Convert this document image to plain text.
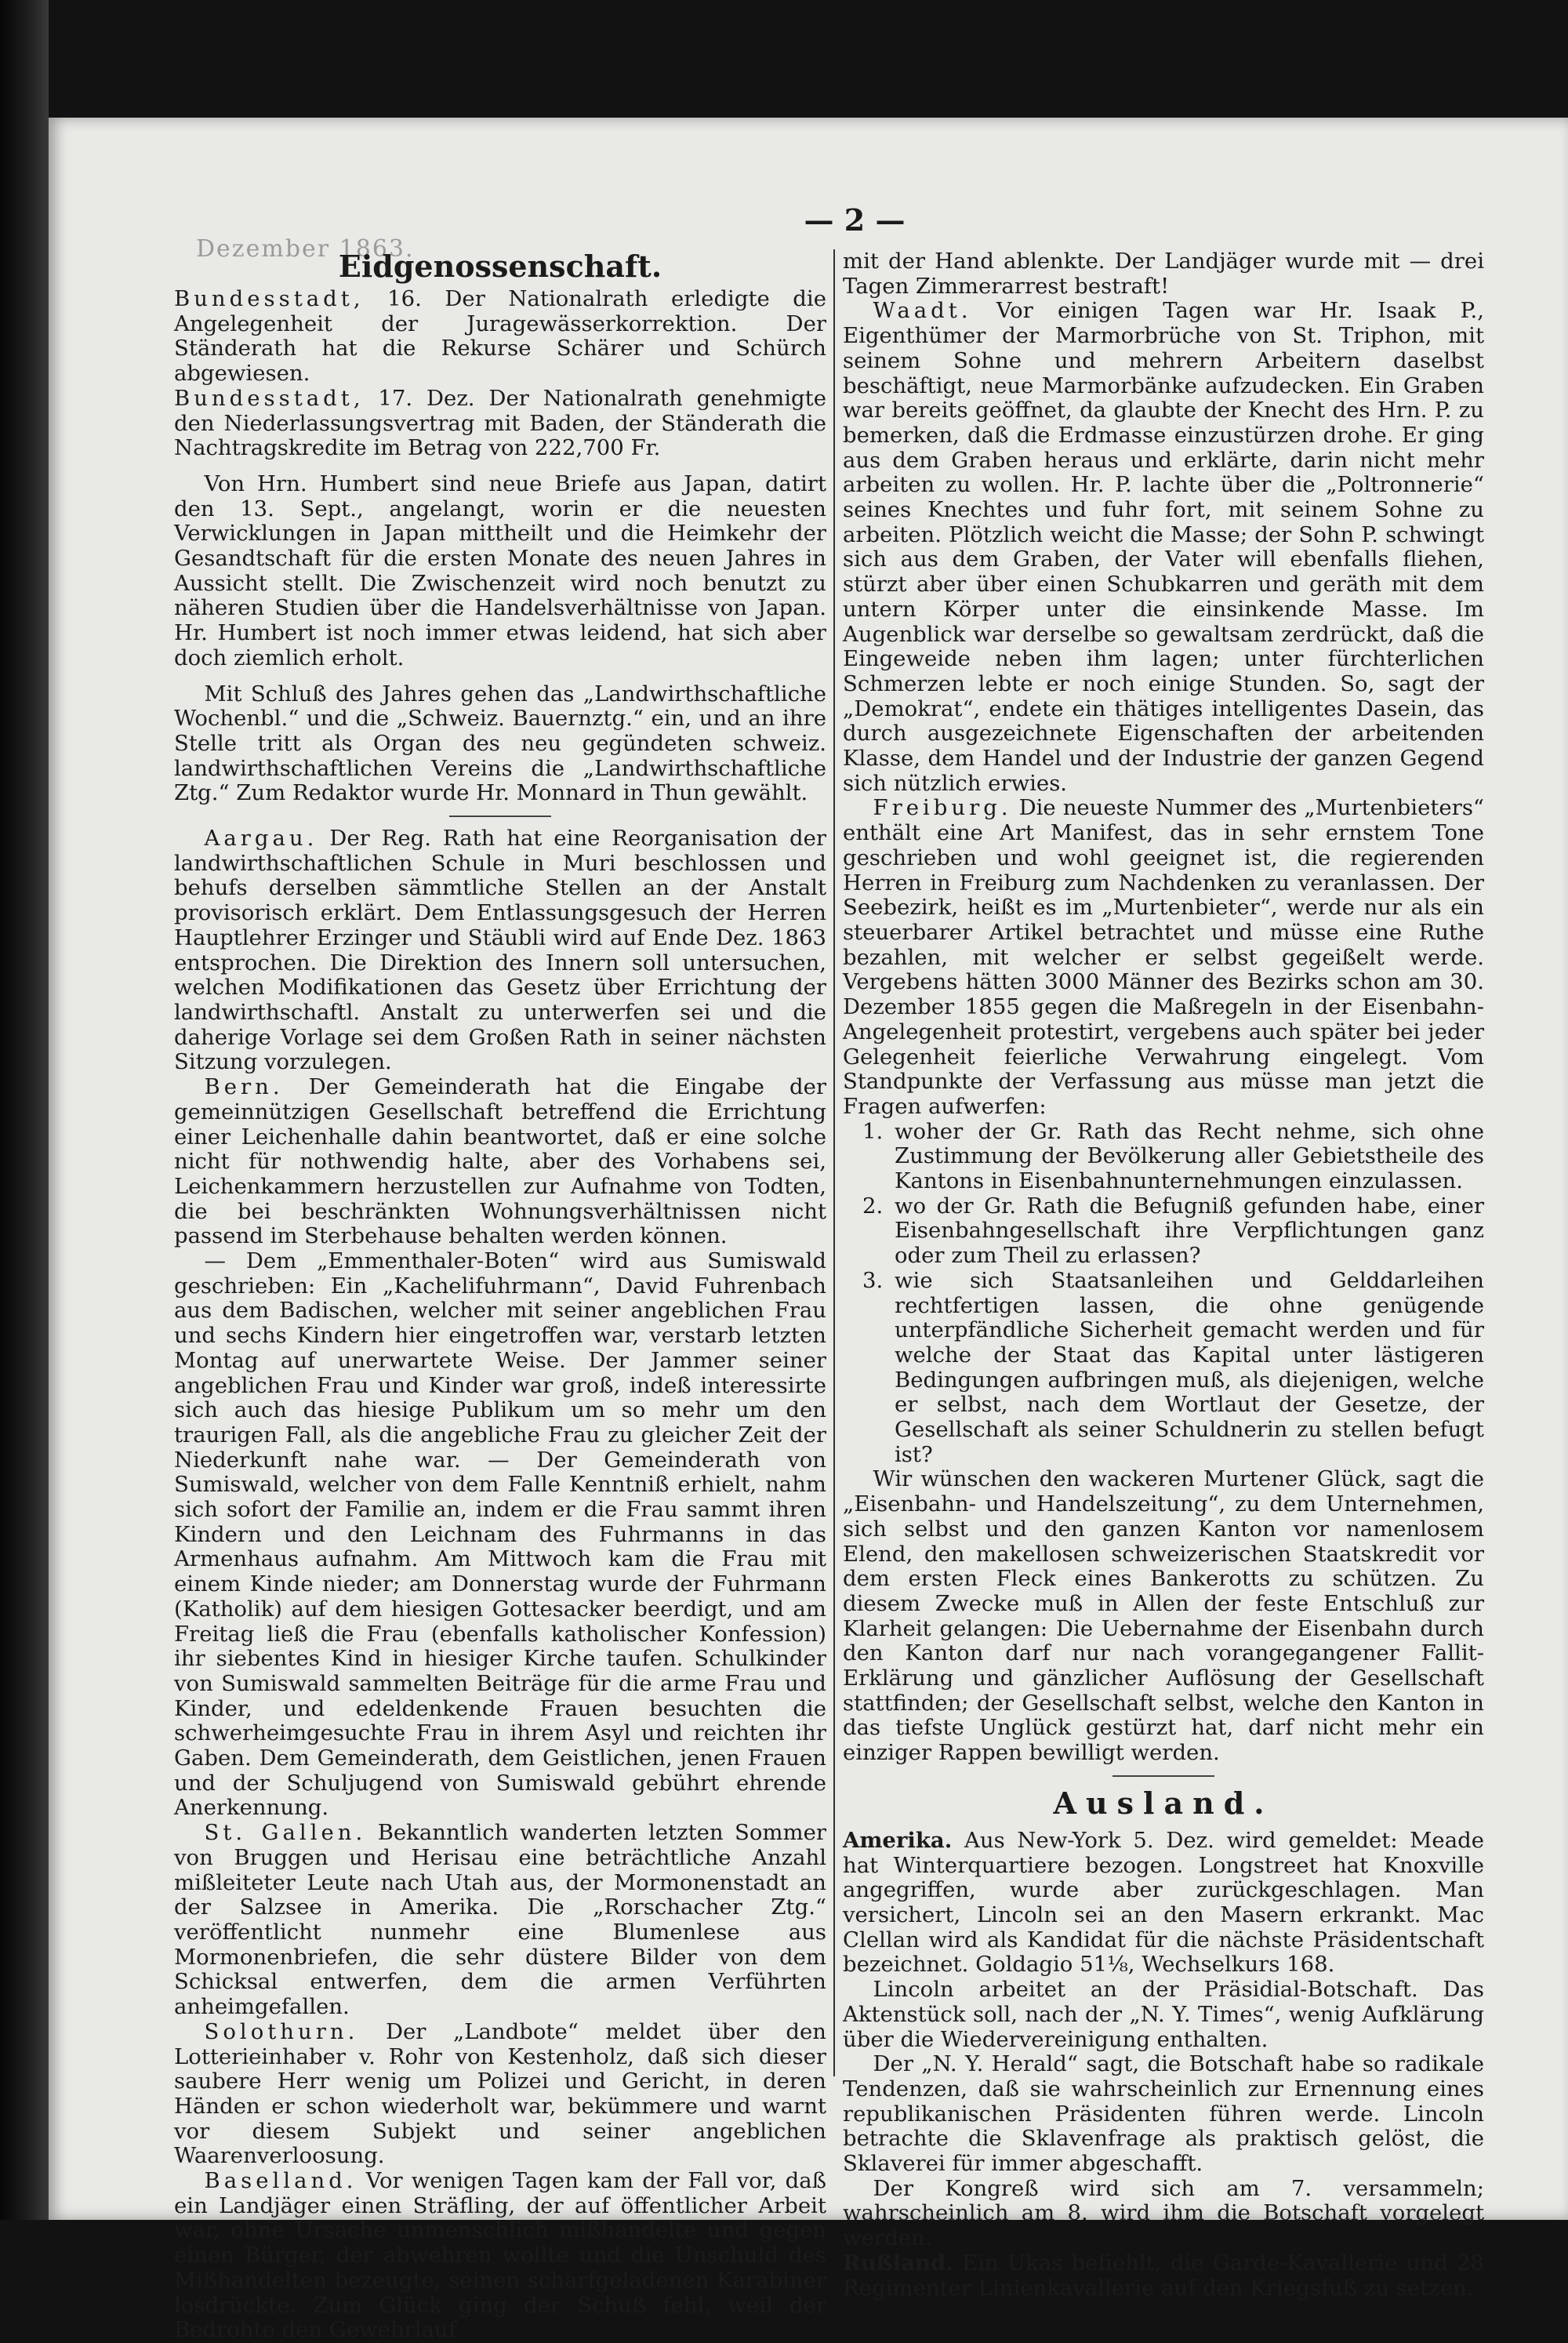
— 2 —
Dezember 1863.
Eidgenossenschaft.

Bundesstadt, 16. Der Nationalrath erledigte die Angelegenheit der Juragewässerkorrektion. Der Ständerath hat die Rekurse Schärer und Schürch abgewiesen.

Bundesstadt, 17. Dez. Der Nationalrath genehmigte den Niederlassungsvertrag mit Baden, der Ständerath die Nachtragskredite im Betrag von 222,700 Fr.

Von Hrn. Humbert sind neue Briefe aus Japan, datirt den 13. Sept., angelangt, worin er die neuesten Verwicklungen in Japan mittheilt und die Heimkehr der Gesandtschaft für die ersten Monate des neuen Jahres in Aussicht stellt. Die Zwischenzeit wird noch benutzt zu näheren Studien über die Handelsverhältnisse von Japan. Hr. Humbert ist noch immer etwas leidend, hat sich aber doch ziemlich erholt.

Mit Schluß des Jahres gehen das „Landwirthschaftliche Wochenbl.“ und die „Schweiz. Bauernztg.“ ein, und an ihre Stelle tritt als Organ des neu gegündeten schweiz. landwirthschaftlichen Vereins die „Landwirthschaftliche Ztg.“ Zum Redaktor wurde Hr. Monnard in Thun gewählt.

Aargau. Der Reg. Rath hat eine Reorganisation der landwirthschaftlichen Schule in Muri beschlossen und behufs derselben sämmtliche Stellen an der Anstalt provisorisch erklärt. Dem Entlassungsgesuch der Herren Hauptlehrer Erzinger und Stäubli wird auf Ende Dez. 1863 entsprochen. Die Direktion des Innern soll untersuchen, welchen Modifikationen das Gesetz über Errichtung der landwirthschaftl. Anstalt zu unterwerfen sei und die daherige Vorlage sei dem Großen Rath in seiner nächsten Sitzung vorzulegen.

Bern. Der Gemeinderath hat die Eingabe der gemeinnützigen Gesellschaft betreffend die Errichtung einer Leichenhalle dahin beantwortet, daß er eine solche nicht für nothwendig halte, aber des Vorhabens sei, Leichenkammern herzustellen zur Aufnahme von Todten, die bei beschränkten Wohnungsverhältnissen nicht passend im Sterbehause behalten werden können.

— Dem „Emmenthaler-Boten“ wird aus Sumiswald geschrieben: Ein „Kachelifuhrmann“, David Fuhrenbach aus dem Badischen, welcher mit seiner angeblichen Frau und sechs Kindern hier eingetroffen war, verstarb letzten Montag auf unerwartete Weise. Der Jammer seiner angeblichen Frau und Kinder war groß, indeß interessirte sich auch das hiesige Publikum um so mehr um den traurigen Fall, als die angebliche Frau zu gleicher Zeit der Niederkunft nahe war. — Der Gemeinderath von Sumiswald, welcher von dem Falle Kenntniß erhielt, nahm sich sofort der Familie an, indem er die Frau sammt ihren Kindern und den Leichnam des Fuhrmanns in das Armenhaus aufnahm. Am Mittwoch kam die Frau mit einem Kinde nieder; am Donnerstag wurde der Fuhrmann (Katholik) auf dem hiesigen Gottesacker beerdigt, und am Freitag ließ die Frau (ebenfalls katholischer Konfession) ihr siebentes Kind in hiesiger Kirche taufen. Schulkinder von Sumiswald sammelten Beiträge für die arme Frau und Kinder, und edeldenkende Frauen besuchten die schwerheimgesuchte Frau in ihrem Asyl und reichten ihr Gaben. Dem Gemeinderath, dem Geistlichen, jenen Frauen und der Schuljugend von Sumiswald gebührt ehrende Anerkennung.

St. Gallen. Bekanntlich wanderten letzten Sommer von Bruggen und Herisau eine beträchtliche Anzahl mißleiteter Leute nach Utah aus, der Mormonenstadt an der Salzsee in Amerika. Die „Rorschacher Ztg.“ veröffentlicht nunmehr eine Blumenlese aus Mormonenbriefen, die sehr düstere Bilder von dem Schicksal entwerfen, dem die armen Verführten anheimgefallen.

Solothurn. Der „Landbote“ meldet über den Lotterieinhaber v. Rohr von Kestenholz, daß sich dieser saubere Herr wenig um Polizei und Gericht, in deren Händen er schon wiederholt war, bekümmere und warnt vor diesem Subjekt und seiner angeblichen Waarenverloosung.

Baselland. Vor wenigen Tagen kam der Fall vor, daß ein Landjäger einen Sträfling, der auf öffentlicher Arbeit war, ohne Ursache unmenschlich mißhandelte und gegen einen Bürger, der abwehren wollte und die Unschuld des Mißhandelten bezeugte, seinen scharfgeladenen Karabiner losdrückte. Zum Glück ging der Schuß fehl, weil der Bedrohte den Gewehrlauf

mit der Hand ablenkte. Der Landjäger wurde mit — drei Tagen Zimmerarrest bestraft!

Waadt. Vor einigen Tagen war Hr. Isaak P., Eigenthümer der Marmorbrüche von St. Triphon, mit seinem Sohne und mehrern Arbeitern daselbst beschäftigt, neue Marmorbänke aufzudecken. Ein Graben war bereits geöffnet, da glaubte der Knecht des Hrn. P. zu bemerken, daß die Erdmasse einzustürzen drohe. Er ging aus dem Graben heraus und erklärte, darin nicht mehr arbeiten zu wollen. Hr. P. lachte über die „Poltronnerie“ seines Knechtes und fuhr fort, mit seinem Sohne zu arbeiten. Plötzlich weicht die Masse; der Sohn P. schwingt sich aus dem Graben, der Vater will ebenfalls fliehen, stürzt aber über einen Schubkarren und geräth mit dem untern Körper unter die einsinkende Masse. Im Augenblick war derselbe so gewaltsam zerdrückt, daß die Eingeweide neben ihm lagen; unter fürchterlichen Schmerzen lebte er noch einige Stunden. So, sagt der „Demokrat“, endete ein thätiges intelligentes Dasein, das durch ausgezeichnete Eigenschaften der arbeitenden Klasse, dem Handel und der Industrie der ganzen Gegend sich nützlich erwies.

Freiburg. Die neueste Nummer des „Murtenbieters“ enthält eine Art Manifest, das in sehr ernstem Tone geschrieben und wohl geeignet ist, die regierenden Herren in Freiburg zum Nachdenken zu veranlassen. Der Seebezirk, heißt es im „Murtenbieter“, werde nur als ein steuerbarer Artikel betrachtet und müsse eine Ruthe bezahlen, mit welcher er selbst gegeißelt werde. Vergebens hätten 3000 Männer des Bezirks schon am 30. Dezember 1855 gegen die Maßregeln in der Eisenbahn-Angelegenheit protestirt, vergebens auch später bei jeder Gelegenheit feierliche Verwahrung eingelegt. Vom Standpunkte der Verfassung aus müsse man jetzt die Fragen aufwerfen:

1. woher der Gr. Rath das Recht nehme, sich ohne Zustimmung der Bevölkerung aller Gebietstheile des Kantons in Eisenbahnunternehmungen einzulassen.
2. wo der Gr. Rath die Befugniß gefunden habe, einer Eisenbahngesellschaft ihre Verpflichtungen ganz oder zum Theil zu erlassen?
3. wie sich Staatsanleihen und Gelddarleihen rechtfertigen lassen, die ohne genügende unterpfändliche Sicherheit gemacht werden und für welche der Staat das Kapital unter lästigeren Bedingungen aufbringen muß, als diejenigen, welche er selbst, nach dem Wortlaut der Gesetze, der Gesellschaft als seiner Schuldnerin zu stellen befugt ist?

Wir wünschen den wackeren Murtener Glück, sagt die „Eisenbahn- und Handelszeitung“, zu dem Unternehmen, sich selbst und den ganzen Kanton vor namenlosem Elend, den makellosen schweizerischen Staatskredit vor dem ersten Fleck eines Bankerotts zu schützen. Zu diesem Zwecke muß in Allen der feste Entschluß zur Klarheit gelangen: Die Uebernahme der Eisenbahn durch den Kanton darf nur nach vorangegangener Fallit-Erklärung und gänzlicher Auflösung der Gesellschaft stattfinden; der Gesellschaft selbst, welche den Kanton in das tiefste Unglück gestürzt hat, darf nicht mehr ein einziger Rappen bewilligt werden.

Ausland.

Amerika. Aus New-York 5. Dez. wird gemeldet: Meade hat Winterquartiere bezogen. Longstreet hat Knoxville angegriffen, wurde aber zurückgeschlagen. Man versichert, Lincoln sei an den Masern erkrankt. Mac Clellan wird als Kandidat für die nächste Präsidentschaft bezeichnet. Goldagio 51⅛, Wechselkurs 168.

Lincoln arbeitet an der Präsidial-Botschaft. Das Aktenstück soll, nach der „N. Y. Times“, wenig Aufklärung über die Wiedervereinigung enthalten.

Der „N. Y. Herald“ sagt, die Botschaft habe so radikale Tendenzen, daß sie wahrscheinlich zur Ernennung eines republikanischen Präsidenten führen werde. Lincoln betrachte die Sklavenfrage als praktisch gelöst, die Sklaverei für immer abgeschafft.

Der Kongreß wird sich am 7. versammeln; wahrscheinlich am 8. wird ihm die Botschaft vorgelegt werden.

Rußland. Ein Ukas befiehlt, die Garde-Kavallerie und 28 Regimenter Linienkavallerie auf den Kriegsfuß zu setzen.
